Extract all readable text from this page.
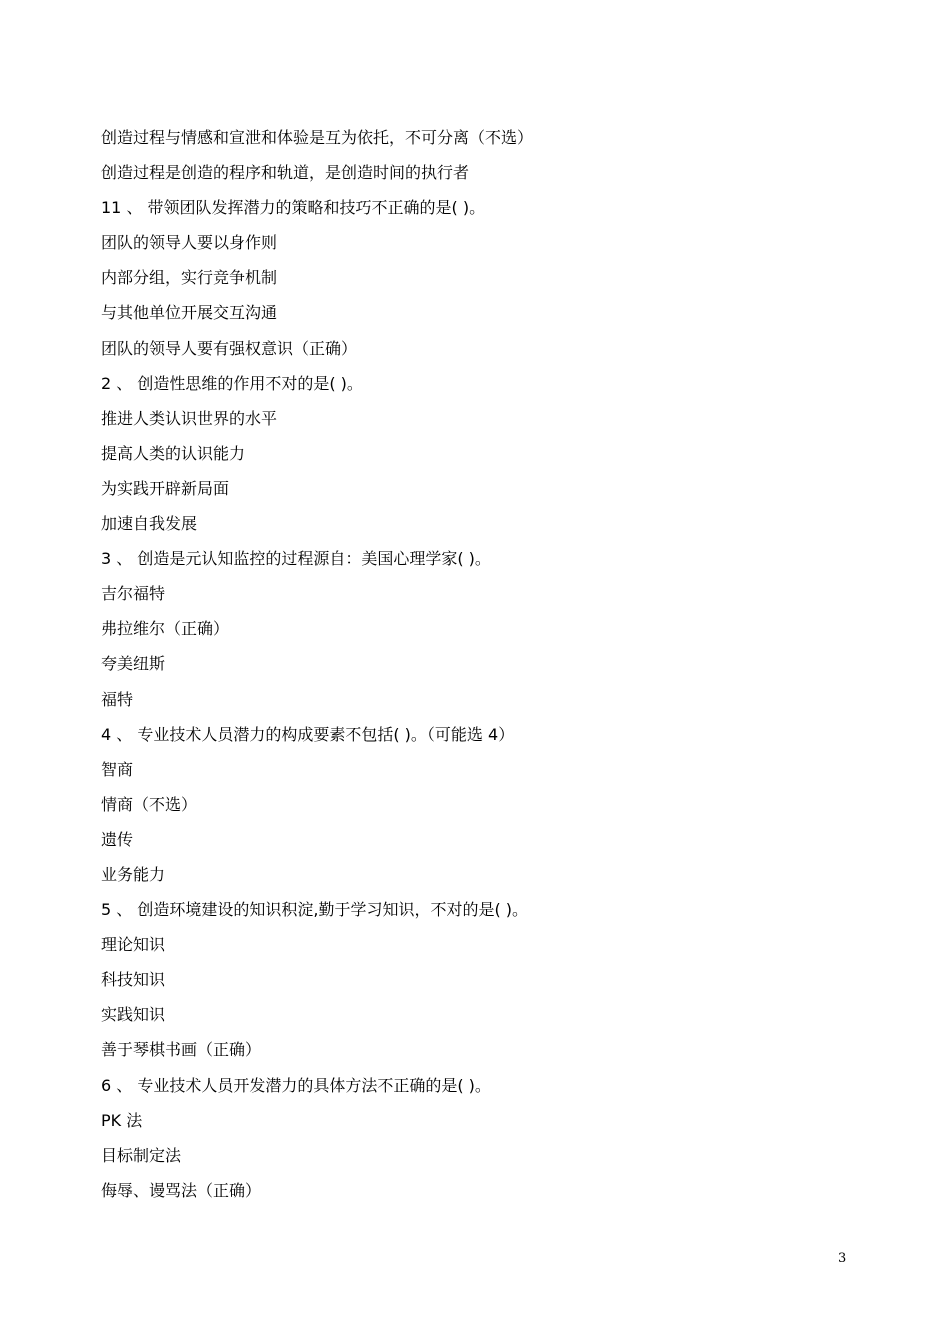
创造过程与情感和宣泄和体验是互为依托，不可分离（不选）
创造过程是创造的程序和轨道，是创造时间的执行者
11 、 带领团队发挥潜力的策略和技巧不正确的是( )。
团队的领导人要以身作则
内部分组，实行竞争机制
与其他单位开展交互沟通
团队的领导人要有强权意识（正确）
2 、 创造性思维的作用不对的是( )。
推进人类认识世界的水平
提高人类的认识能力
为实践开辟新局面
加速自我发展
3 、 创造是元认知监控的过程源自：美国心理学家( )。
吉尔福特
弗拉维尔（正确）
夸美纽斯
福特
4 、 专业技术人员潜力的构成要素不包括( )。（可能选 4）
智商
情商（不选）
遗传
业务能力
5 、 创造环境建设的知识积淀,勤于学习知识，不对的是( )。
理论知识
科技知识
实践知识
善于琴棋书画（正确）
6 、 专业技术人员开发潜力的具体方法不正确的是( )。
PK 法
目标制定法
侮辱、谩骂法（正确）
3
